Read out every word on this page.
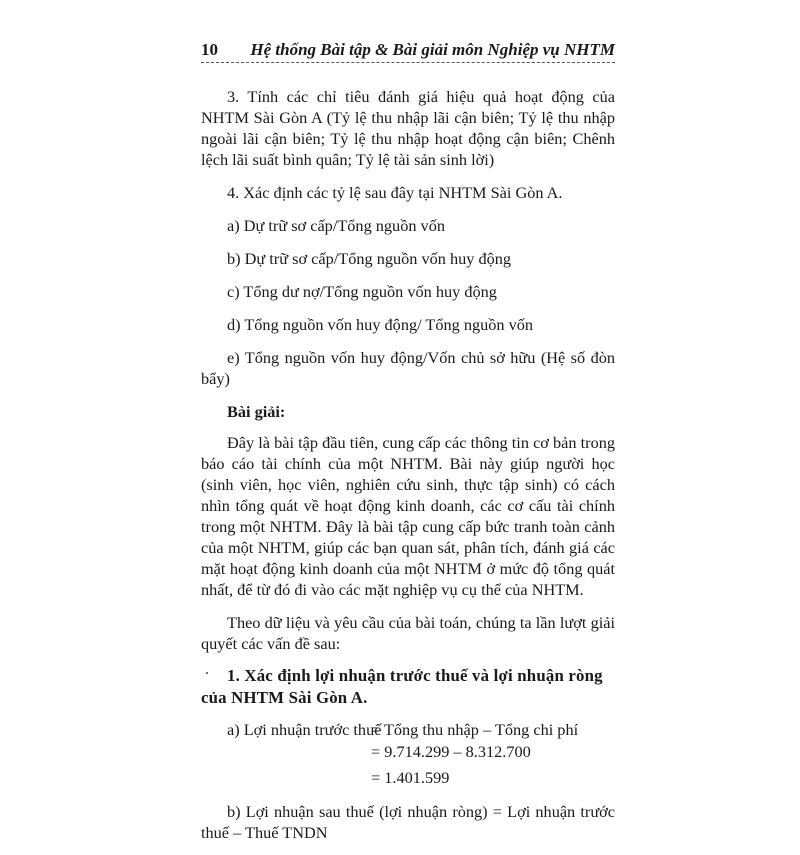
10 Hệ thống Bài tập & Bài giải môn Nghiệp vụ NHTM

3. Tính các chỉ tiêu đánh giá hiệu quả hoạt động của NHTM Sài Gòn A (Tỷ lệ thu nhập lãi cận biên; Tỷ lệ thu nhập ngoài lãi cận biên; Tỷ lệ thu nhập hoạt động cận biên; Chênh lệch lãi suất bình quân; Tỷ lệ tài sản sinh lời)

4. Xác định các tỷ lệ sau đây tại NHTM Sài Gòn A.

a) Dự trữ sơ cấp/Tổng nguồn vốn

b) Dự trữ sơ cấp/Tổng nguồn vốn huy động

c) Tổng dư nợ/Tổng nguồn vốn huy động

d) Tổng nguồn vốn huy động/ Tổng nguồn vốn

e) Tổng nguồn vốn huy động/Vốn chủ sở hữu (Hệ số đòn bẩy)

Bài giải:

Đây là bài tập đầu tiên, cung cấp các thông tin cơ bản trong báo cáo tài chính của một NHTM. Bài này giúp người học (sinh viên, học viên, nghiên cứu sinh, thực tập sinh) có cách nhìn tổng quát về hoạt động kinh doanh, các cơ cấu tài chính trong một NHTM. Đây là bài tập cung cấp bức tranh toàn cảnh của một NHTM, giúp các bạn quan sát, phân tích, đánh giá các mặt hoạt động kinh doanh của một NHTM ở mức độ tổng quát nhất, để từ đó đi vào các mặt nghiệp vụ cụ thể của NHTM.

Theo dữ liệu và yêu cầu của bài toán, chúng ta lần lượt giải quyết các vấn đề sau:

1. Xác định lợi nhuận trước thuế và lợi nhuận ròng của NHTM Sài Gòn A.

a) Lợi nhuận trước thuế
= Tổng thu nhập – Tổng chi phí
= 9.714.299 – 8.312.700
= 1.401.599

b) Lợi nhuận sau thuế (lợi nhuận ròng) = Lợi nhuận trước thuế – Thuế TNDN
